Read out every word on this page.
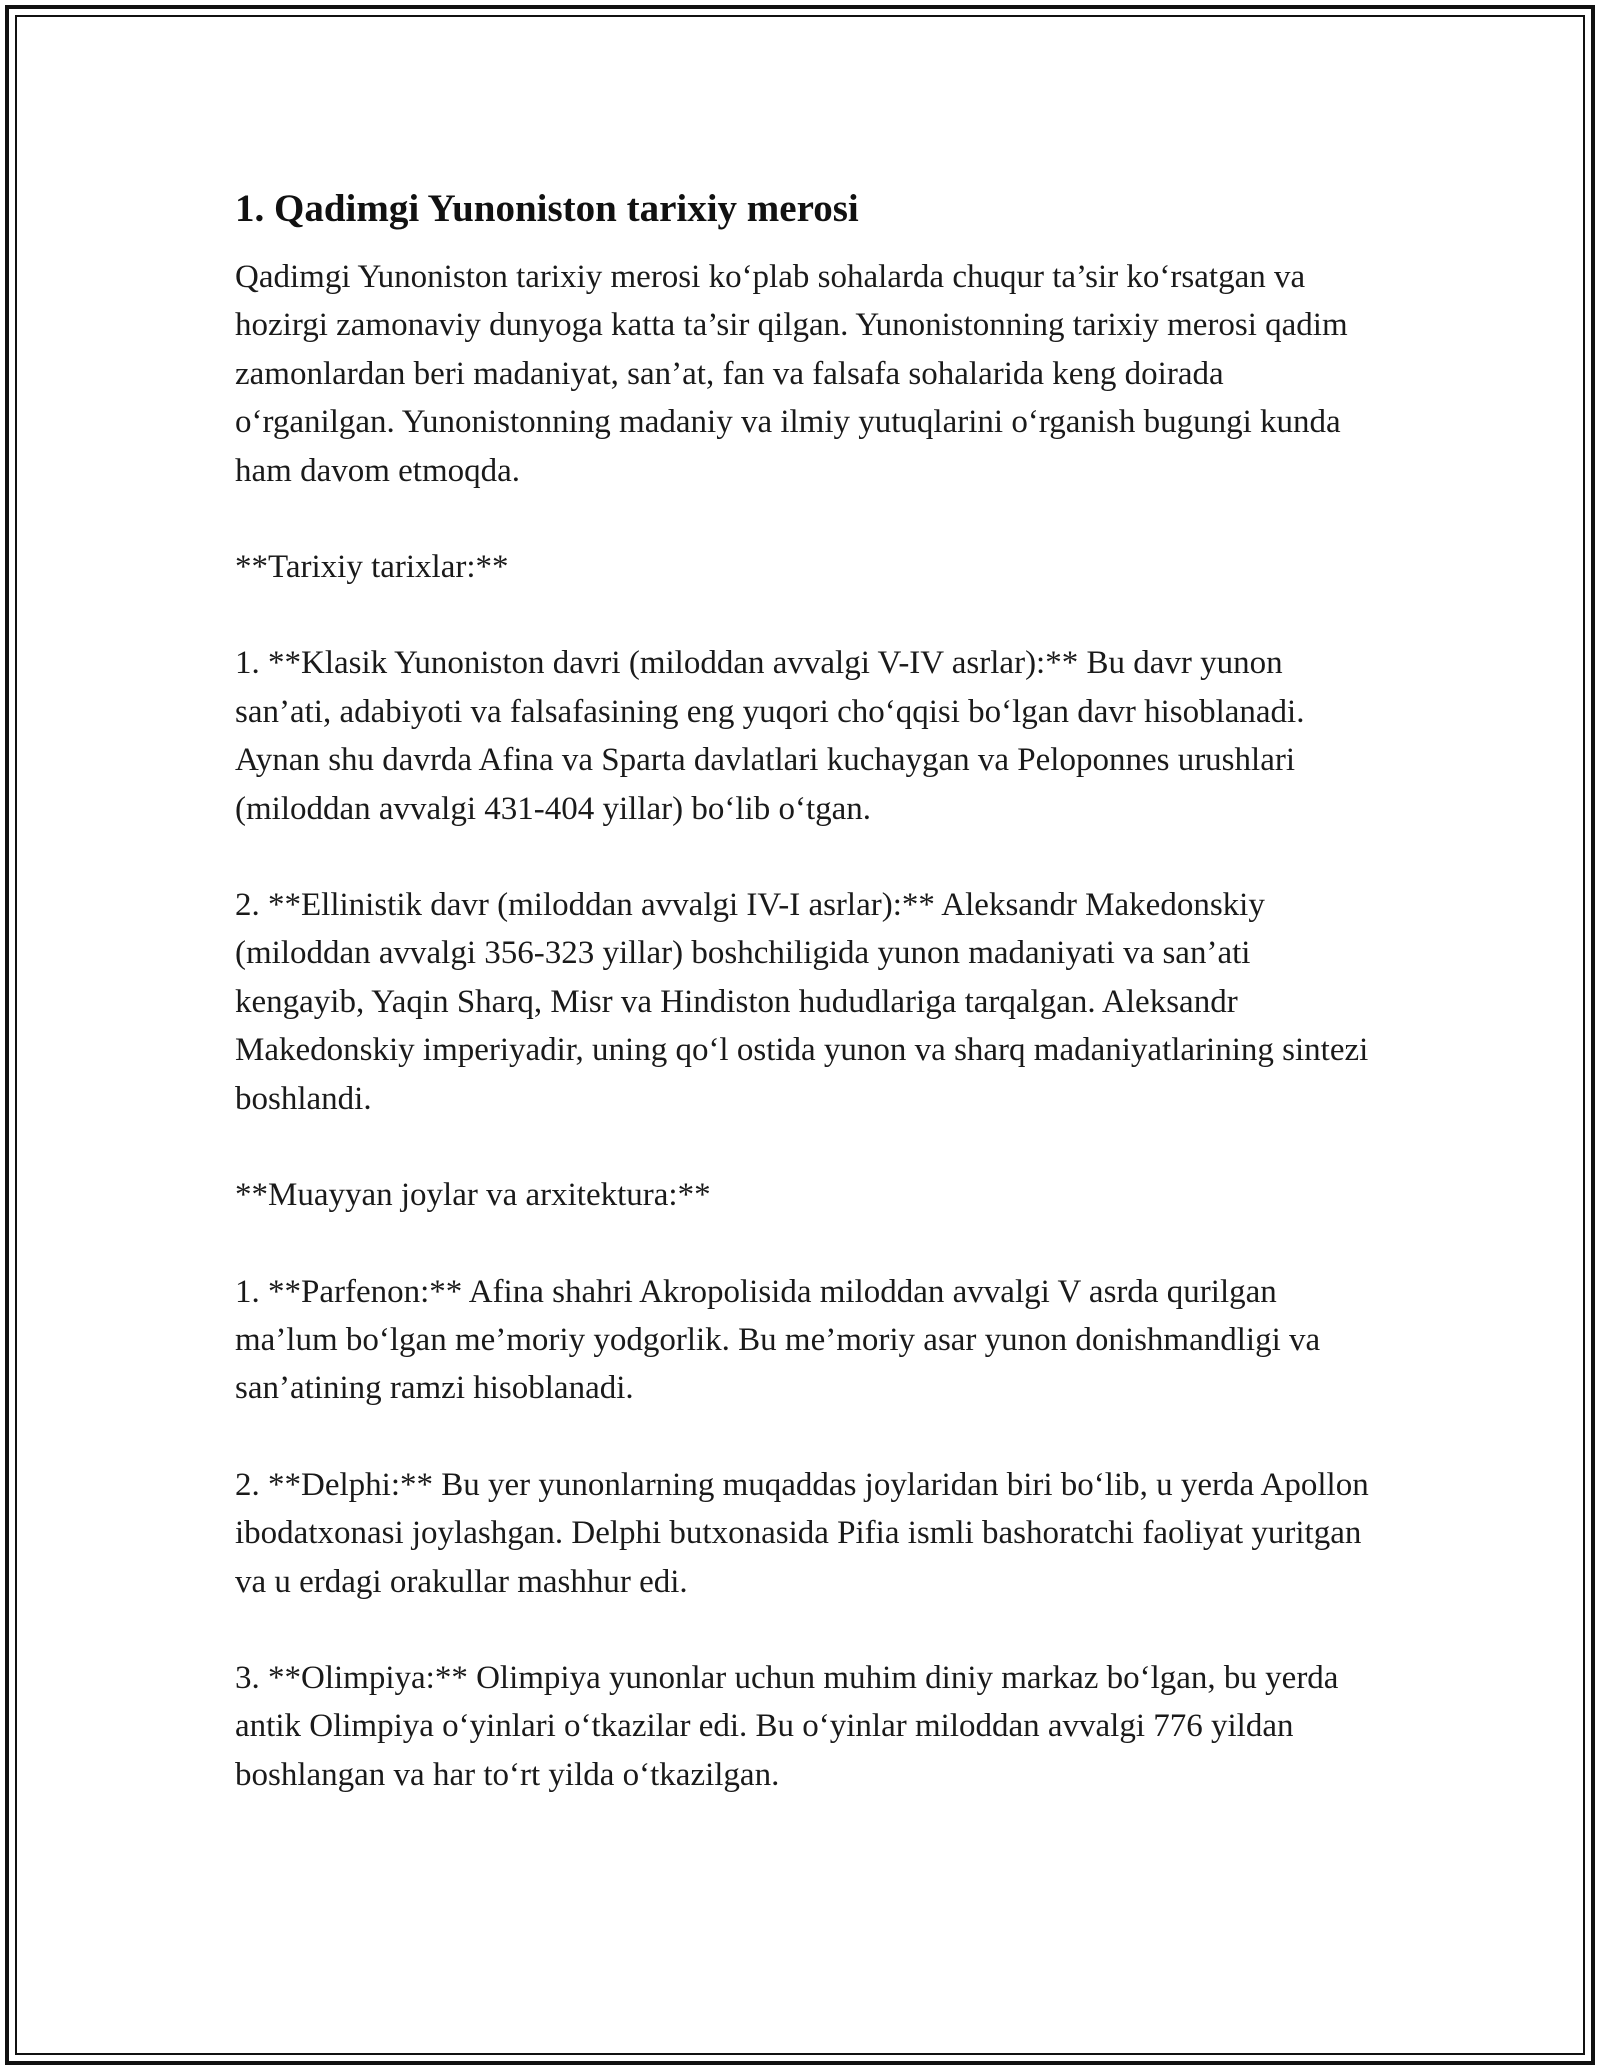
1. Qadimgi Yunoniston tarixiy merosi

Qadimgi Yunoniston tarixiy merosi ko‘plab sohalarda chuqur ta’sir ko‘rsatgan va hozirgi zamonaviy dunyoga katta ta’sir qilgan. Yunonistonning tarixiy merosi qadim zamonlardan beri madaniyat, san’at, fan va falsafa sohalarida keng doirada o‘rganilgan. Yunonistonning madaniy va ilmiy yutuqlarini o‘rganish bugungi kunda ham davom etmoqda.

**Tarixiy tarixlar:**

1. **Klasik Yunoniston davri (miloddan avvalgi V-IV asrlar):** Bu davr yunon san’ati, adabiyoti va falsafasining eng yuqori cho‘qqisi bo‘lgan davr hisoblanadi. Aynan shu davrda Afina va Sparta davlatlari kuchaygan va Peloponnes urushlari (miloddan avvalgi 431-404 yillar) bo‘lib o‘tgan.

2. **Ellinistik davr (miloddan avvalgi IV-I asrlar):** Aleksandr Makedonskiy (miloddan avvalgi 356-323 yillar) boshchiligida yunon madaniyati va san’ati kengayib, Yaqin Sharq, Misr va Hindiston hududlariga tarqalgan. Aleksandr Makedonskiy imperiyadir, uning qo‘l ostida yunon va sharq madaniyatlarining sintezi boshlandi.

**Muayyan joylar va arxitektura:**

1. **Parfenon:** Afina shahri Akropolisida miloddan avvalgi V asrda qurilgan ma’lum bo‘lgan me’moriy yodgorlik. Bu me’moriy asar yunon donishmandligi va san’atining ramzi hisoblanadi.

2. **Delphi:** Bu yer yunonlarning muqaddas joylaridan biri bo‘lib, u yerda Apollon ibodatxonasi joylashgan. Delphi butxonasida Pifia ismli bashoratchi faoliyat yuritgan va u erdagi orakullar mashhur edi.

3. **Olimpiya:** Olimpiya yunonlar uchun muhim diniy markaz bo‘lgan, bu yerda antik Olimpiya o‘yinlari o‘tkazilar edi. Bu o‘yinlar miloddan avvalgi 776 yildan boshlangan va har to‘rt yilda o‘tkazilgan.
